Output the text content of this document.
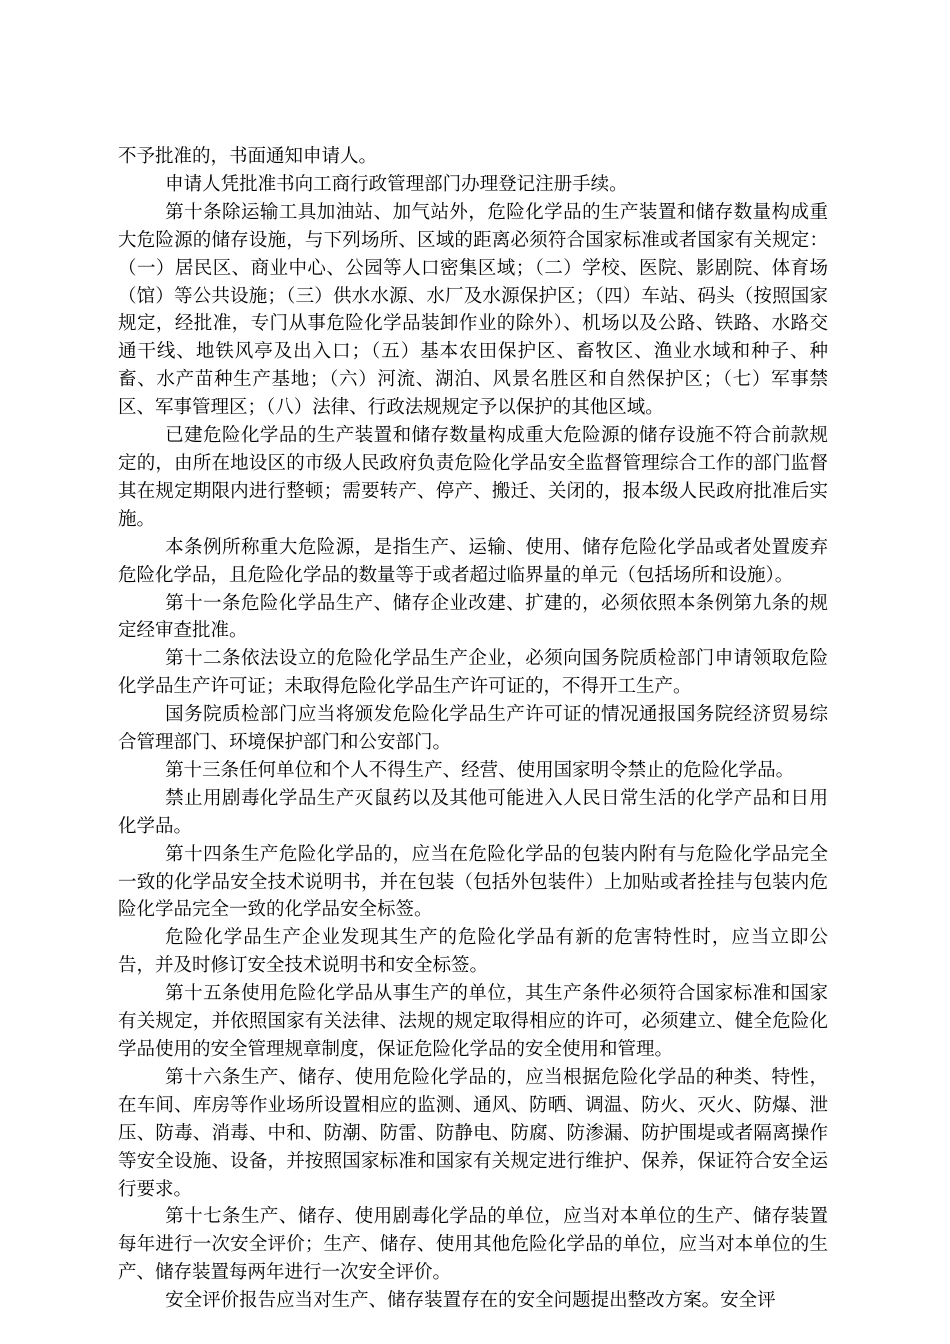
不予批准的，书面通知申请人。

申请人凭批准书向工商行政管理部门办理登记注册手续。

第十条除运输工具加油站、加气站外，危险化学品的生产装置和储存数量构成重大危险源的储存设施，与下列场所、区域的距离必须符合国家标准或者国家有关规定：（一）居民区、商业中心、公园等人口密集区域；（二）学校、医院、影剧院、体育场（馆）等公共设施；（三）供水水源、水厂及水源保护区；（四）车站、码头（按照国家规定，经批准，专门从事危险化学品装卸作业的除外）、机场以及公路、铁路、水路交通干线、地铁风亭及出入口；（五）基本农田保护区、畜牧区、渔业水域和种子、种畜、水产苗种生产基地；（六）河流、湖泊、风景名胜区和自然保护区；（七）军事禁区、军事管理区；（八）法律、行政法规规定予以保护的其他区域。

已建危险化学品的生产装置和储存数量构成重大危险源的储存设施不符合前款规定的，由所在地设区的市级人民政府负责危险化学品安全监督管理综合工作的部门监督其在规定期限内进行整顿；需要转产、停产、搬迁、关闭的，报本级人民政府批准后实施。

本条例所称重大危险源，是指生产、运输、使用、储存危险化学品或者处置废弃危险化学品，且危险化学品的数量等于或者超过临界量的单元（包括场所和设施）。

第十一条危险化学品生产、储存企业改建、扩建的，必须依照本条例第九条的规定经审查批准。

第十二条依法设立的危险化学品生产企业，必须向国务院质检部门申请领取危险化学品生产许可证；未取得危险化学品生产许可证的，不得开工生产。

国务院质检部门应当将颁发危险化学品生产许可证的情况通报国务院经济贸易综合管理部门、环境保护部门和公安部门。

第十三条任何单位和个人不得生产、经营、使用国家明令禁止的危险化学品。

禁止用剧毒化学品生产灭鼠药以及其他可能进入人民日常生活的化学产品和日用化学品。

第十四条生产危险化学品的，应当在危险化学品的包装内附有与危险化学品完全一致的化学品安全技术说明书，并在包装（包括外包装件）上加贴或者拴挂与包装内危险化学品完全一致的化学品安全标签。

危险化学品生产企业发现其生产的危险化学品有新的危害特性时，应当立即公告，并及时修订安全技术说明书和安全标签。

第十五条使用危险化学品从事生产的单位，其生产条件必须符合国家标准和国家有关规定，并依照国家有关法律、法规的规定取得相应的许可，必须建立、健全危险化学品使用的安全管理规章制度，保证危险化学品的安全使用和管理。

第十六条生产、储存、使用危险化学品的，应当根据危险化学品的种类、特性，在车间、库房等作业场所设置相应的监测、通风、防晒、调温、防火、灭火、防爆、泄压、防毒、消毒、中和、防潮、防雷、防静电、防腐、防渗漏、防护围堤或者隔离操作等安全设施、设备，并按照国家标准和国家有关规定进行维护、保养，保证符合安全运行要求。

第十七条生产、储存、使用剧毒化学品的单位，应当对本单位的生产、储存装置每年进行一次安全评价；生产、储存、使用其他危险化学品的单位，应当对本单位的生产、储存装置每两年进行一次安全评价。

安全评价报告应当对生产、储存装置存在的安全问题提出整改方案。安全评
